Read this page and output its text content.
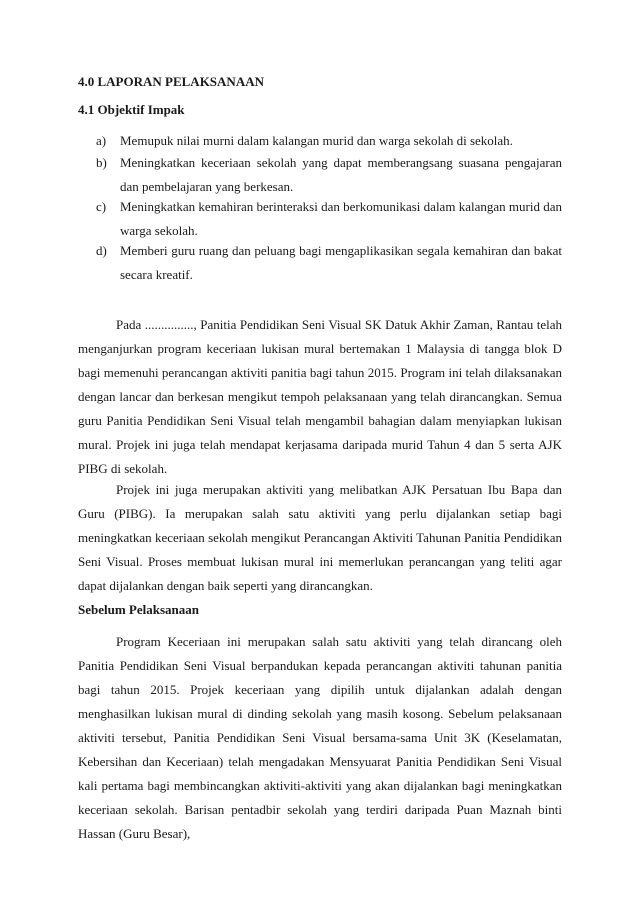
4.0 LAPORAN PELAKSANAAN
4.1 Objektif Impak
a) Memupuk nilai murni dalam kalangan murid dan warga sekolah di sekolah.
b) Meningkatkan keceriaan sekolah yang dapat memberangsang suasana pengajaran dan pembelajaran yang berkesan.
c) Meningkatkan kemahiran berinteraksi dan berkomunikasi dalam kalangan murid dan warga sekolah.
d) Memberi guru ruang dan peluang bagi mengaplikasikan segala kemahiran dan bakat secara kreatif.

Pada ..............., Panitia Pendidikan Seni Visual SK Datuk Akhir Zaman, Rantau telah menganjurkan program keceriaan lukisan mural bertemakan 1 Malaysia di tangga blok D bagi memenuhi perancangan aktiviti panitia bagi tahun 2015. Program ini telah dilaksanakan dengan lancar dan berkesan mengikut tempoh pelaksanaan yang telah dirancangkan. Semua guru Panitia Pendidikan Seni Visual telah mengambil bahagian dalam menyiapkan lukisan mural. Projek ini juga telah mendapat kerjasama daripada murid Tahun 4 dan 5 serta AJK PIBG di sekolah.

Projek ini juga merupakan aktiviti yang melibatkan AJK Persatuan Ibu Bapa dan Guru (PIBG). Ia merupakan salah satu aktiviti yang perlu dijalankan setiap bagi meningkatkan keceriaan sekolah mengikut Perancangan Aktiviti Tahunan Panitia Pendidikan Seni Visual. Proses membuat lukisan mural ini memerlukan perancangan yang teliti agar dapat dijalankan dengan baik seperti yang dirancangkan.

Sebelum Pelaksanaan

Program Keceriaan ini merupakan salah satu aktiviti yang telah dirancang oleh Panitia Pendidikan Seni Visual berpandukan kepada perancangan aktiviti tahunan panitia bagi tahun 2015. Projek keceriaan yang dipilih untuk dijalankan adalah dengan menghasilkan lukisan mural di dinding sekolah yang masih kosong. Sebelum pelaksanaan aktiviti tersebut, Panitia Pendidikan Seni Visual bersama-sama Unit 3K (Keselamatan, Kebersihan dan Keceriaan) telah mengadakan Mensyuarat Panitia Pendidikan Seni Visual kali pertama bagi membincangkan aktiviti-aktiviti yang akan dijalankan bagi meningkatkan keceriaan sekolah. Barisan pentadbir sekolah yang terdiri daripada Puan Maznah binti Hassan (Guru Besar),
